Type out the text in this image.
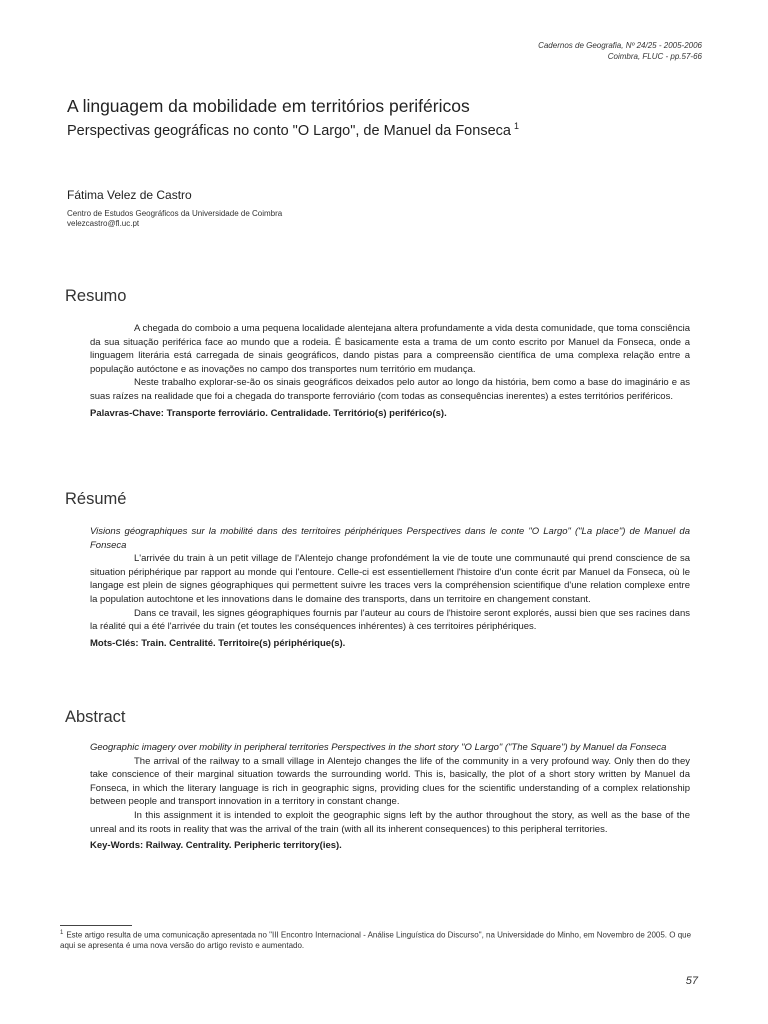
Cadernos de Geografia, Nº 24/25 - 2005-2006
Coimbra, FLUC - pp.57-66
A linguagem da mobilidade em territórios periféricos
Perspectivas geográficas no conto "O Largo", de Manuel da Fonseca $^1$
Fátima Velez de Castro
Centro de Estudos Geográficos da Universidade de Coimbra
velezcastro@fl.uc.pt
Resumo

A chegada do comboio a uma pequena localidade alentejana altera profundamente a vida desta comunidade, que toma consciência da sua situação periférica face ao mundo que a rodeia. É basicamente esta a trama de um conto escrito por Manuel da Fonseca, onde a linguagem literária está carregada de sinais geográficos, dando pistas para a compreensão científica de uma complexa relação entre a população autóctone e as inovações no campo dos transportes num território em mudança.

Neste trabalho explorar-se-ão os sinais geográficos deixados pelo autor ao longo da história, bem como a base do imaginário e as suas raízes na realidade que foi a chegada do transporte ferroviário (com todas as consequências inerentes) a estes territórios periféricos.

Palavras-Chave: Transporte ferroviário. Centralidade. Território(s) periférico(s).

Résumé

Visions géographiques sur la mobilité dans des territoires périphériques Perspectives dans le conte "O Largo" ("La place") de Manuel da Fonseca

L'arrivée du train à un petit village de l'Alentejo change profondément la vie de toute une communauté qui prend conscience de sa situation périphérique par rapport au monde qui l'entoure. Celle-ci est essentiellement l'histoire d'un conte écrit par Manuel da Fonseca, où le langage est plein de signes géographiques qui permettent suivre les traces vers la compréhension scientifique d'une relation complexe entre la population autochtone et les innovations dans le domaine des transports, dans un territoire en changement constant.

Dans ce travail, les signes géographiques fournis par l'auteur au cours de l'histoire seront explorés, aussi bien que ses racines dans la réalité qui a été l'arrivée du train (et toutes les conséquences inhérentes) à ces territoires périphériques.

Mots-Clés: Train. Centralité. Territoire(s) périphérique(s).

Abstract

Geographic imagery over mobility in peripheral territories Perspectives in the short story "O Largo" ("The Square") by Manuel da Fonseca

The arrival of the railway to a small village in Alentejo changes the life of the community in a very profound way. Only then do they take conscience of their marginal situation towards the surrounding world. This is, basically, the plot of a short story written by Manuel da Fonseca, in which the literary language is rich in geographic signs, providing clues for the scientific understanding of a complex relationship between people and transport innovation in a territory in constant change.

In this assignment it is intended to exploit the geographic signs left by the author throughout the story, as well as the base of the unreal and its roots in reality that was the arrival of the train (with all its inherent consequences) to this peripheral territories.

Key-Words: Railway. Centrality. Peripheric territory(ies).

$^1$ Este artigo resulta de uma comunicação apresentada no "III Encontro Internacional - Análise Linguística do Discurso", na Universidade do Minho, em Novembro de 2005. O que aqui se apresenta é uma nova versão do artigo revisto e aumentado.
57
